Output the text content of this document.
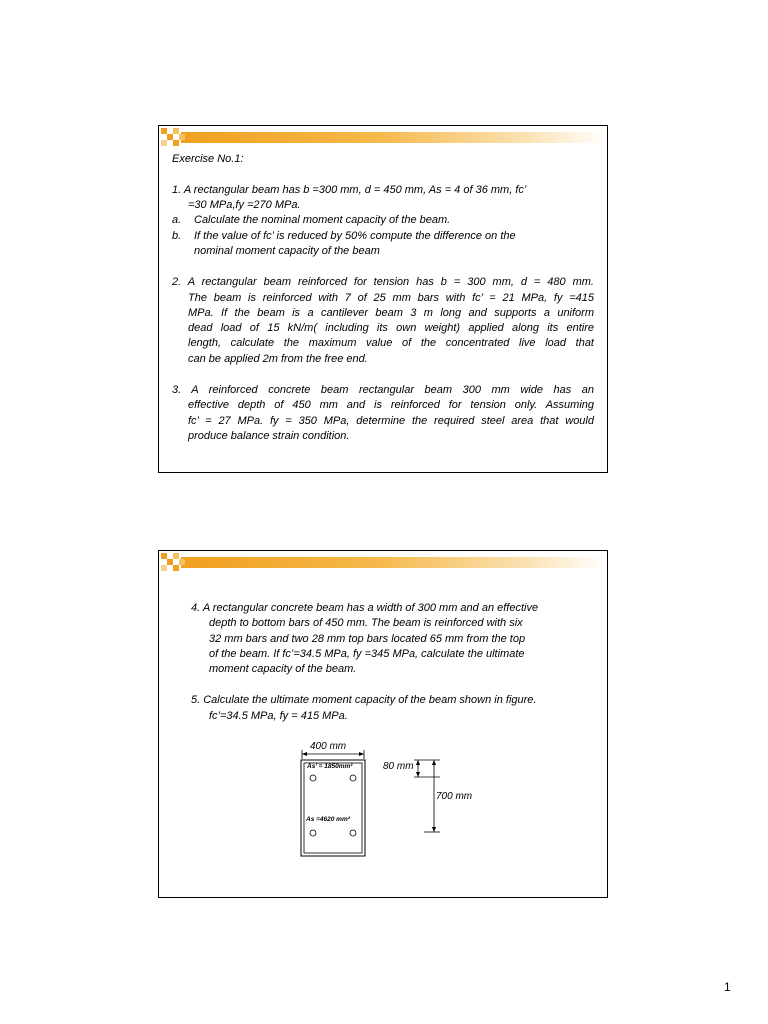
Exercise No.1:

1. A rectangular beam has b =300 mm, d = 450 mm, As = 4 of 36 mm, fc’

=30 MPa,fy =270 MPa.

a. Calculate the nominal moment capacity of the beam.

b. If the value of fc’ is reduced by 50% compute the difference on the

nominal moment capacity of the beam

2. A rectangular beam reinforced for tension has b = 300 mm, d = 480 mm.

The beam is reinforced with 7 of 25 mm bars with fc’ = 21 MPa, fy =415

MPa. If the beam is a cantilever beam 3 m long and supports a uniform

dead load of 15 kN/m( including its own weight) applied along its entire

length, calculate the maximum value of the concentrated live load that

can be applied 2m from the free end.

3. A reinforced concrete beam rectangular beam 300 mm wide has an

effective depth of 450 mm and is reinforced for tension only. Assuming

fc’ = 27 MPa. fy = 350 MPa, determine the required steel area that would

produce balance strain condition.

4. A rectangular concrete beam has a width of 300 mm and an effective

depth to bottom bars of 450 mm. The beam is reinforced with six

32 mm bars and two 28 mm top bars located 65 mm from the top

of the beam. If fc’=34.5 MPa, fy =345 MPa, calculate the ultimate

moment capacity of the beam.

5. Calculate the ultimate moment capacity of the beam shown in figure.

fc’=34.5 MPa, fy = 415 MPa.

400 mm
As’ = 1850mm²
As =4620 mm²
80 mm
700 mm
1
